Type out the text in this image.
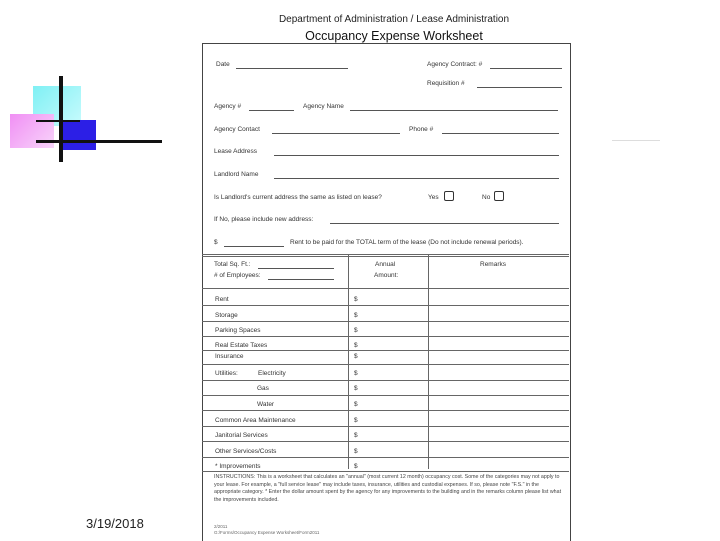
3/19/2018
Department of Administration / Lease Administration
Occupancy Expense Worksheet
Date	Agency Contract: #
Requisition #
Agency #	Agency Name
Agency Contact	Phone #
Lease Address
Landlord Name
Is Landlord's current address the same as listed on lease?	Yes	No
If No, please include new address:
$	Rent to be paid for the TOTAL term of the lease (Do not include renewal periods).
Total Sq. Ft.:
# of Employees:
Annual
Amount:
Remarks
Rent	$
Storage	$
Parking Spaces	$
Real Estate Taxes	$
Insurance	$
Utilities:	Electricity	$
Gas	$
Water	$
Common Area Maintenance	$
Janitorial Services	$
Other Services/Costs	$
* Improvements	$
INSTRUCTIONS: This is a worksheet that calculates an "annual" (most current 12 month) occupancy cost. Some of the categories may not apply to your lease. For example, a "full service lease" may include taxes, insurance, utilities and custodial expenses. If so, please note "F.S." in the appropriate category. * Enter the dollar amount spent by the agency for any improvements to the building and in the remarks column please list what the improvements included.
2/2011
G:/Forms/Occupancy Expense Worksheet/Form2011
